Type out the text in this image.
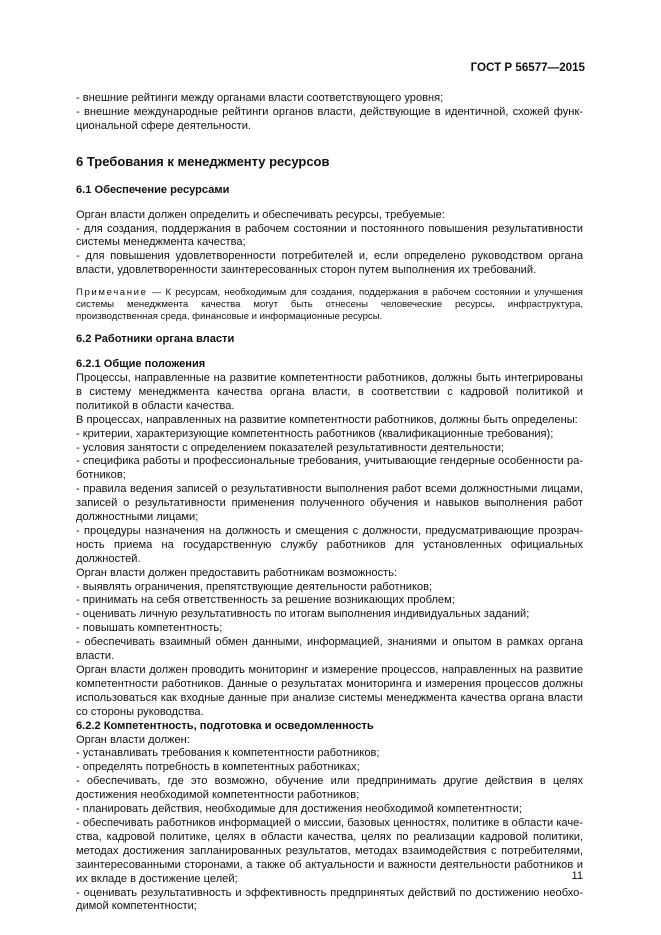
ГОСТ Р 56577—2015

- внешние рейтинги между органами власти соответствующего уровня;

- внешние международные рейтинги органов власти, действующие в идентичной, схожей функциональной сфере деятельности.

6 Требования к менеджменту ресурсов

6.1 Обеспечение ресурсами

Орган власти должен определить и обеспечивать ресурсы, требуемые:

- для создания, поддержания в рабочем состоянии и постоянного повышения результативности системы менеджмента качества;

- для повышения удовлетворенности потребителей и, если определено руководством органа власти, удовлетворенности заинтересованных сторон путем выполнения их требований.

Примечание — К ресурсам, необходимым для создания, поддержания в рабочем состоянии и улучшения системы менеджмента качества могут быть отнесены человеческие ресурсы, инфраструктура, производственная среда, финансовые и информационные ресурсы.

6.2 Работники органа власти

6.2.1 Общие положения

Процессы, направленные на развитие компетентности работников, должны быть интегрированы в систему менеджмента качества органа власти, в соответствии с кадровой политикой и политикой в области качества.

В процессах, направленных на развитие компетентности работников, должны быть определены:

- критерии, характеризующие компетентность работников (квалификационные требования);

- условия занятости с определением показателей результативности деятельности;

- специфика работы и профессиональные требования, учитывающие гендерные особенности работников;

- правила ведения записей о результативности выполнения работ всеми должностными лицами, записей о результативности применения полученного обучения и навыков выполнения работ должностными лицами;

- процедуры назначения на должность и смещения с должности, предусматривающие прозрачность приема на государственную службу работников для установленных официальных должностей.

Орган власти должен предоставить работникам возможность:

- выявлять ограничения, препятствующие деятельности работников;

- принимать на себя ответственность за решение возникающих проблем;

- оценивать личную результативность по итогам выполнения индивидуальных заданий;

- повышать компетентность;

- обеспечивать взаимный обмен данными, информацией, знаниями и опытом в рамках органа власти.

Орган власти должен проводить мониторинг и измерение процессов, направленных на развитие компетентности работников. Данные о результатах мониторинга и измерения процессов должны использоваться как входные данные при анализе системы менеджмента качества органа власти со стороны руководства.

6.2.2 Компетентность, подготовка и осведомленность

Орган власти должен:

- устанавливать требования к компетентности работников;

- определять потребность в компетентных работниках;

- обеспечивать, где это возможно, обучение или предпринимать другие действия в целях достижения необходимой компетентности работников;

- планировать действия, необходимые для достижения необходимой компетентности;

- обеспечивать работников информацией о миссии, базовых ценностях, политике в области качества, кадровой политике, целях в области качества, целях по реализации кадровой политики, методах достижения запланированных результатов, методах взаимодействия с потребителями, заинтересованными сторонами, а также об актуальности и важности деятельности работников и их вкладе в достижение целей;

- оценивать результативность и эффективность предпринятых действий по достижению необходимой компетентности;

11
